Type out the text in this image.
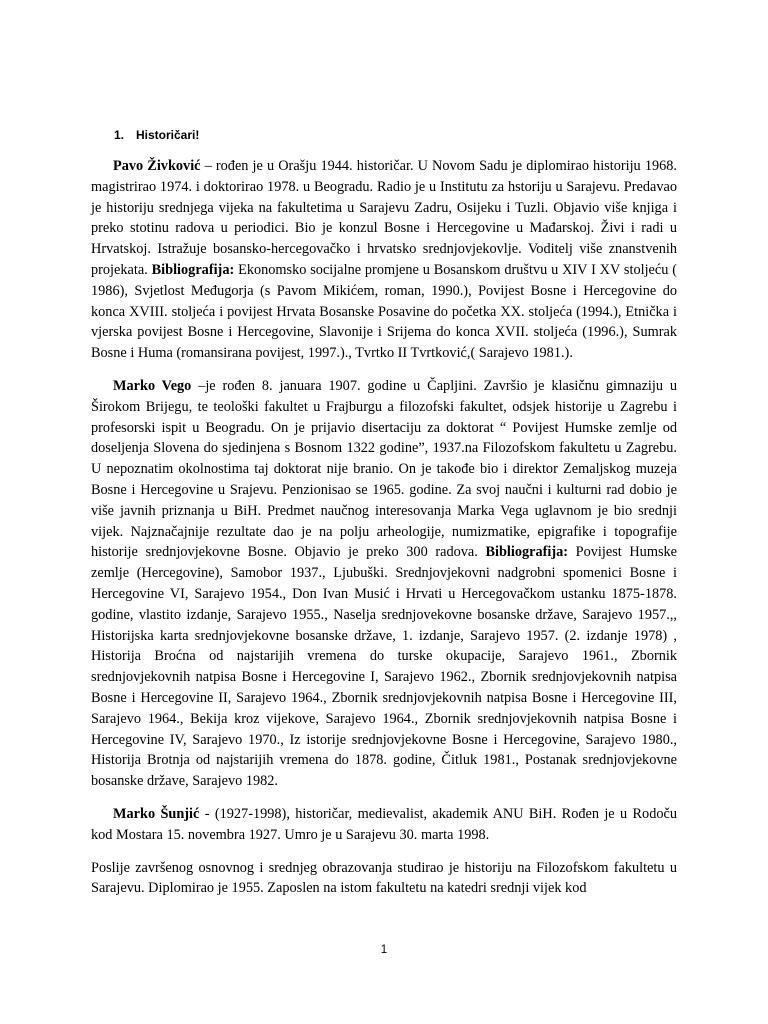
1. Historičari!

Pavo Živković – rođen je u Orašju 1944. historičar. U Novom Sadu je diplomirao historiju 1968. magistrirao 1974. i doktorirao 1978. u Beogradu. Radio je u Institutu za hstoriju u Sarajevu. Predavao je historiju srednjega vijeka na fakultetima u Sarajevu Zadru, Osijeku i Tuzli. Objavio više knjiga i preko stotinu radova u periodici. Bio je konzul Bosne i Hercegovine u Mađarskoj. Živi i radi u Hrvatskoj. Istražuje bosansko-hercegovačko i hrvatsko srednjovjekovlje. Voditelj više znanstvenih projekata. Bibliografija: Ekonomsko socijalne promjene u Bosanskom društvu u XIV I XV stoljeću ( 1986), Svjetlost Međugorja (s Pavom Mikićem, roman, 1990.), Povijest Bosne i Hercegovine do konca XVIII. stoljeća i povijest Hrvata Bosanske Posavine do početka XX. stoljeća (1994.), Etnička i vjerska povijest Bosne i Hercegovine, Slavonije i Srijema do konca XVII. stoljeća (1996.), Sumrak Bosne i Huma (romansirana povijest, 1997.)., Tvrtko II Tvrtković,( Sarajevo 1981.).

Marko Vego –je rođen 8. januara 1907. godine u Čapljini. Završio je klasičnu gimnaziju u Širokom Brijegu, te teološki fakultet u Frajburgu a filozofski fakultet, odsjek historije u Zagrebu i profesorski ispit u Beogradu. On je prijavio disertaciju za doktorat “ Povijest Humske zemlje od doseljenja Slovena do sjedinjena s Bosnom 1322 godine”, 1937.na Filozofskom fakultetu u Zagrebu. U nepoznatim okolnostima taj doktorat nije branio. On je takođe bio i direktor Zemaljskog muzeja Bosne i Hercegovine u Srajevu. Penzionisao se 1965. godine. Za svoj naučni i kulturni rad dobio je više javnih priznanja u BiH. Predmet naučnog interesovanja Marka Vega uglavnom je bio srednji vijek. Najznačajnije rezultate dao je na polju arheologije, numizmatike, epigrafike i topografije historije srednjovjekovne Bosne. Objavio je preko 300 radova. Bibliografija: Povijest Humske zemlje (Hercegovine), Samobor 1937., Ljubuški. Srednjovjekovni nadgrobni spomenici Bosne i Hercegovine VI, Sarajevo 1954., Don Ivan Musić i Hrvati u Hercegovačkom ustanku 1875-1878. godine, vlastito izdanje, Sarajevo 1955., Naselja srednjovekovne bosanske države, Sarajevo 1957.,, Historijska karta srednjovjekovne bosanske države, 1. izdanje, Sarajevo 1957. (2. izdanje 1978) , Historija Broćna od najstarijih vremena do turske okupacije, Sarajevo 1961., Zbornik srednjovjekovnih natpisa Bosne i Hercegovine I, Sarajevo 1962., Zbornik srednjovjekovnih natpisa Bosne i Hercegovine II, Sarajevo 1964., Zbornik srednjovjekovnih natpisa Bosne i Hercegovine III, Sarajevo 1964., Bekija kroz vijekove, Sarajevo 1964., Zbornik srednjovjekovnih natpisa Bosne i Hercegovine IV, Sarajevo 1970., Iz istorije srednjovjekovne Bosne i Hercegovine, Sarajevo 1980., Historija Brotnja od najstarijih vremena do 1878. godine, Čitluk 1981., Postanak srednjovjekovne bosanske države, Sarajevo 1982.

Marko Šunjić - (1927-1998), historičar, medievalist, akademik ANU BiH. Rođen je u Rodoču kod Mostara 15. novembra 1927. Umro je u Sarajevu 30. marta 1998.

Poslije završenog osnovnog i srednjeg obrazovanja studirao je historiju na Filozofskom fakultetu u Sarajevu. Diplomirao je 1955. Zaposlen na istom fakultetu na katedri srednji vijek kod

1
